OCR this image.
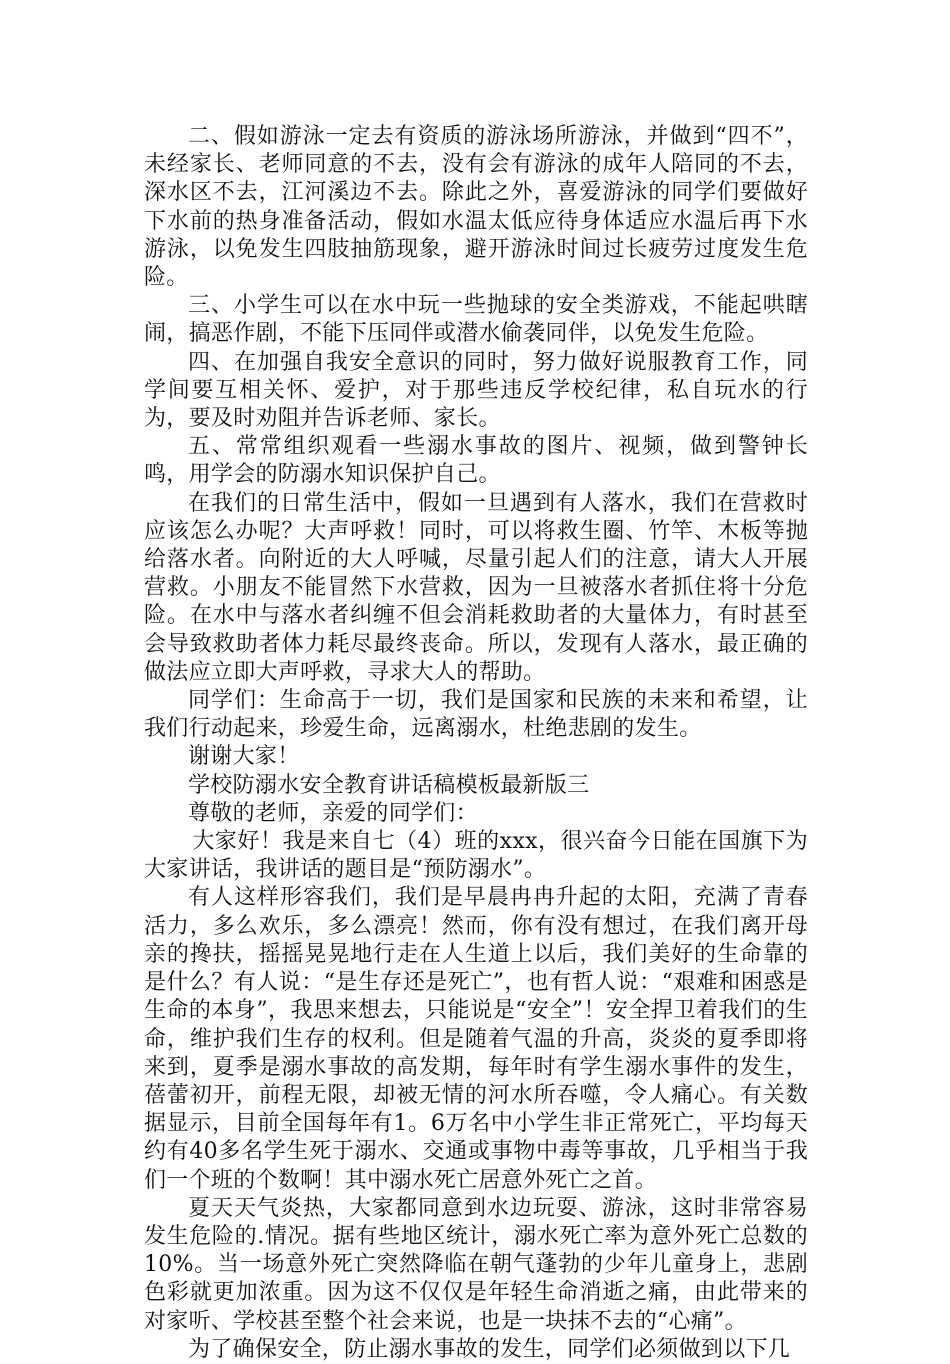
二、假如游泳一定去有资质的游泳场所游泳，并做到“四不”，未经家长、老师同意的不去，没有会有游泳的成年人陪同的不去，深水区不去，江河溪边不去。除此之外，喜爱游泳的同学们要做好下水前的热身准备活动，假如水温太低应待身体适应水温后再下水游泳，以免发生四肢抽筋现象，避开游泳时间过长疲劳过度发生危险。

三、小学生可以在水中玩一些抛球的安全类游戏，不能起哄瞎闹，搞恶作剧，不能下压同伴或潜水偷袭同伴，以免发生危险。

四、在加强自我安全意识的同时，努力做好说服教育工作，同学间要互相关怀、爱护，对于那些违反学校纪律，私自玩水的行为，要及时劝阻并告诉老师、家长。

五、常常组织观看一些溺水事故的图片、视频，做到警钟长鸣，用学会的防溺水知识保护自己。

在我们的日常生活中，假如一旦遇到有人落水，我们在营救时应该怎么办呢？大声呼救！同时，可以将救生圈、竹竿、木板等抛给落水者。向附近的大人呼喊，尽量引起人们的注意，请大人开展营救。小朋友不能冒然下水营救，因为一旦被落水者抓住将十分危险。在水中与落水者纠缠不但会消耗救助者的大量体力，有时甚至会导致救助者体力耗尽最终丧命。所以，发现有人落水，最正确的做法应立即大声呼救，寻求大人的帮助。

同学们：生命高于一切，我们是国家和民族的未来和希望，让我们行动起来，珍爱生命，远离溺水，杜绝悲剧的发生。

谢谢大家！

学校防溺水安全教育讲话稿模板最新版三

尊敬的老师，亲爱的同学们：

大家好！我是来自七（4）班的xxx，很兴奋今日能在国旗下为大家讲话，我讲话的题目是“预防溺水”。

有人这样形容我们，我们是早晨冉冉升起的太阳，充满了青春活力，多么欢乐，多么漂亮！然而，你有没有想过，在我们离开母亲的搀扶，摇摇晃晃地行走在人生道上以后，我们美好的生命靠的是什么？有人说：“是生存还是死亡”，也有哲人说：“艰难和困惑是生命的本身”，我思来想去，只能说是“安全”！安全捍卫着我们的生命，维护我们生存的权利。但是随着气温的升高，炎炎的夏季即将来到，夏季是溺水事故的高发期，每年时有学生溺水事件的发生，蓓蕾初开，前程无限，却被无情的河水所吞噬，令人痛心。有关数据显示，目前全国每年有1。6万名中小学生非正常死亡，平均每天约有40多名学生死于溺水、交通或事物中毒等事故，几乎相当于我们一个班的个数啊！其中溺水死亡居意外死亡之首。

夏天天气炎热，大家都同意到水边玩耍、游泳，这时非常容易发生危险的.情况。据有些地区统计，溺水死亡率为意外死亡总数的10%。当一场意外死亡突然降临在朝气蓬勃的少年儿童身上，悲剧色彩就更加浓重。因为这不仅仅是年轻生命消逝之痛，由此带来的对家听、学校甚至整个社会来说，也是一块抹不去的“心痛”。

为了确保安全，防止溺水事故的发生，同学们必须做到以下几
